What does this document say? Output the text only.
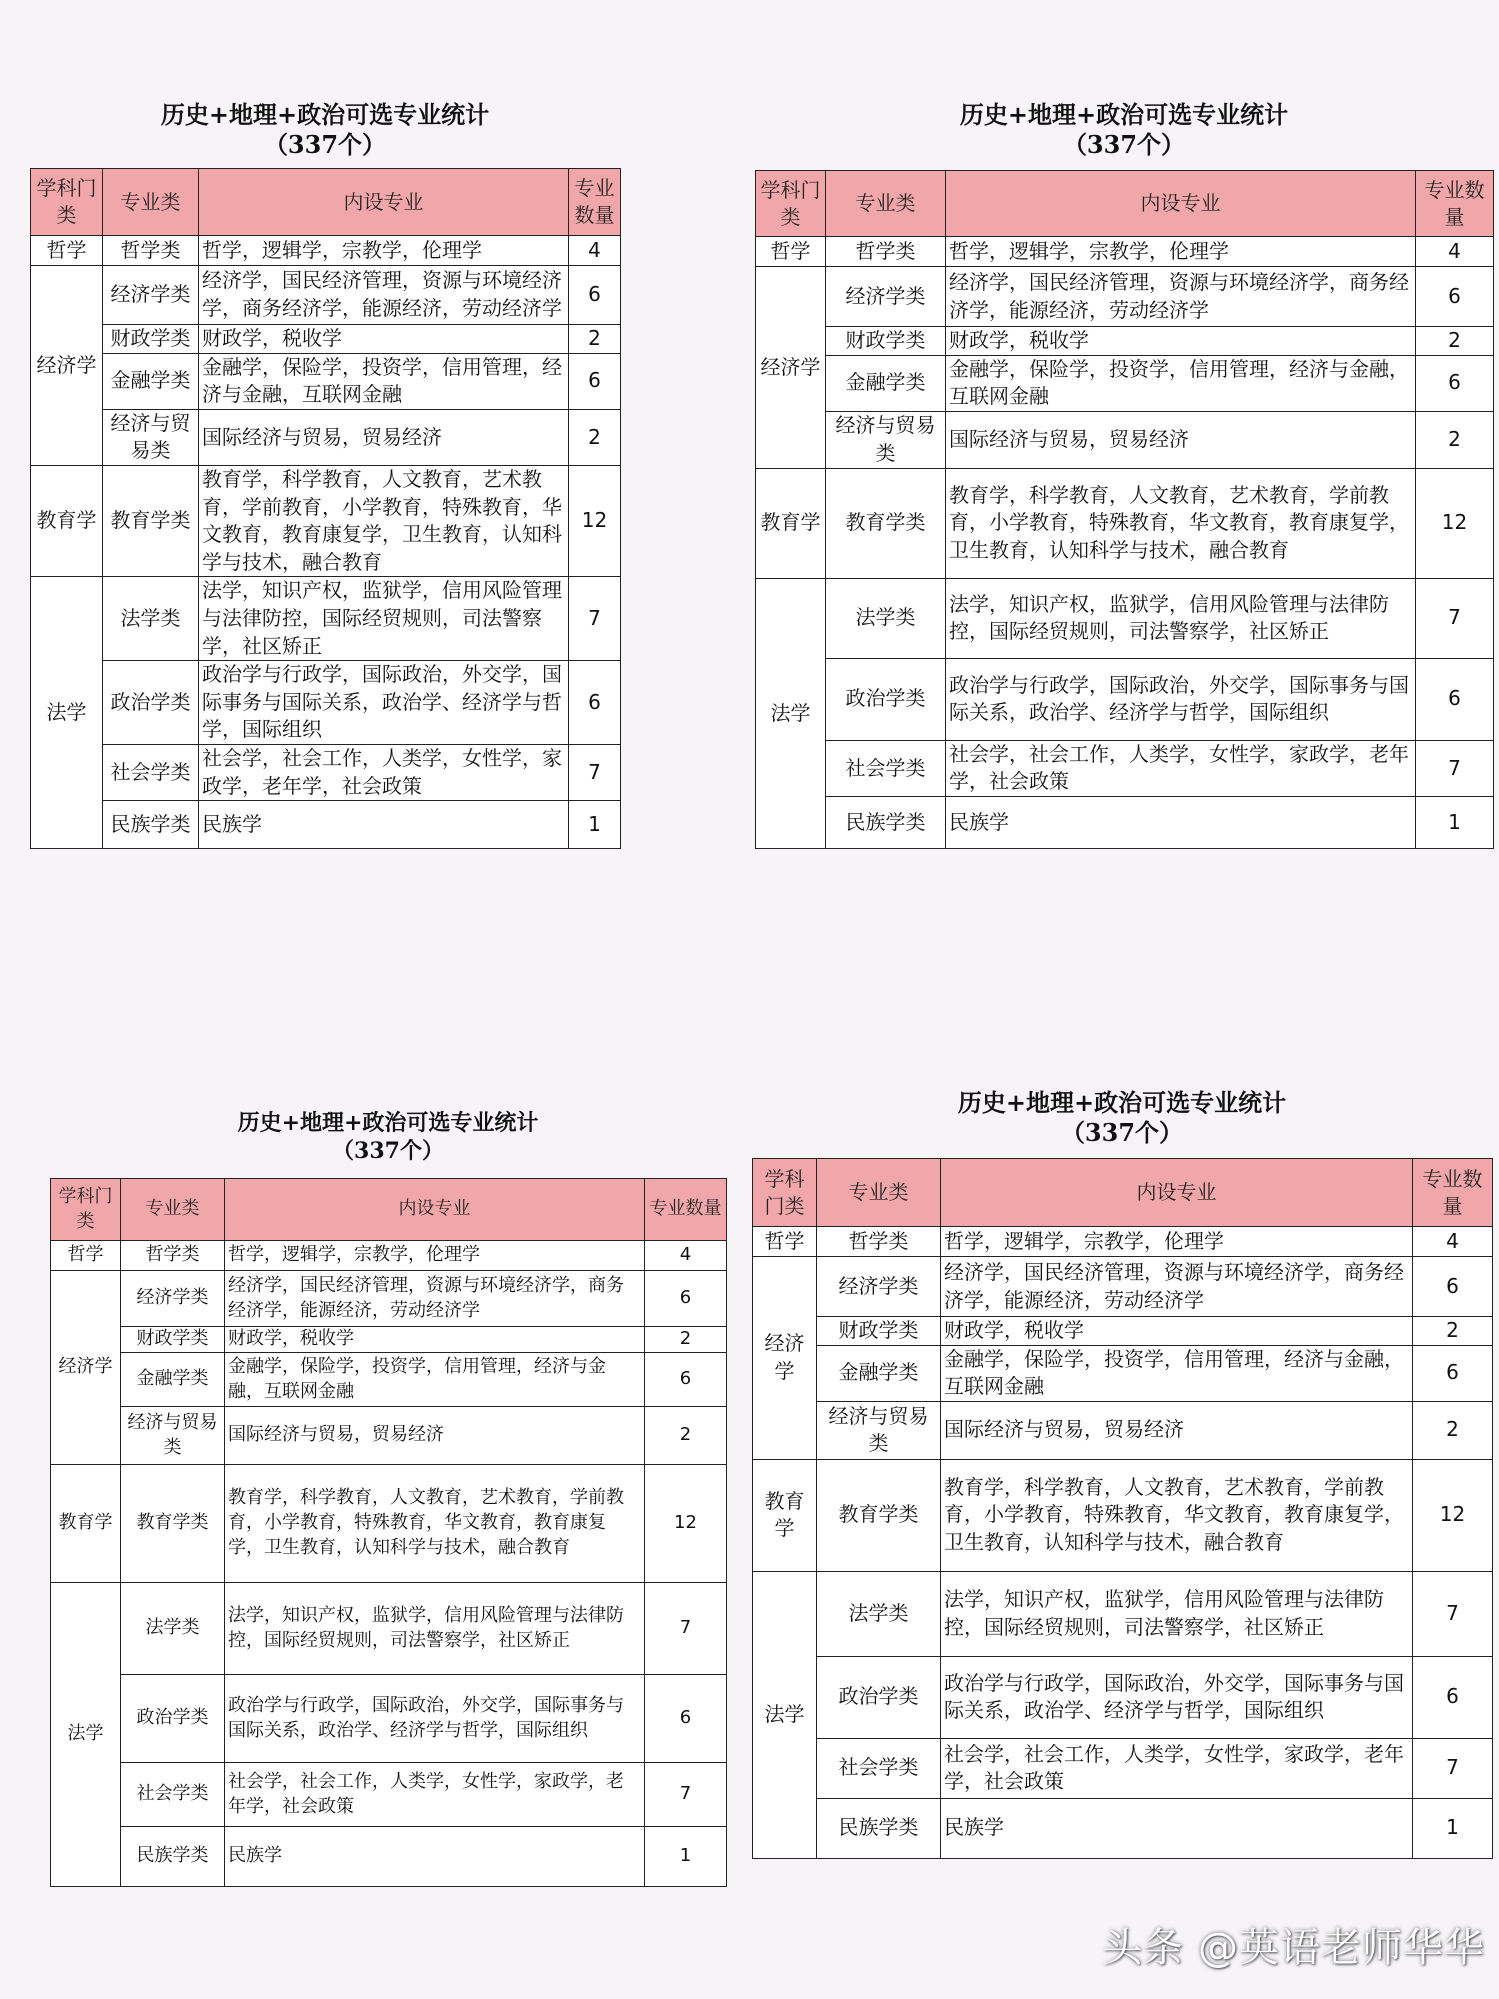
历史+地理+政治可选专业统计
（337个）
学科门类	专业类	内设专业	专业数量
哲学	哲学类	哲学，逻辑学，宗教学，伦理学	4
经济学	经济学类	经济学，国民经济管理，资源与环境经济学，商务经济学，能源经济，劳动经济学	6
	财政学类	财政学，税收学	2
	金融学类	金融学，保险学，投资学，信用管理，经济与金融，互联网金融	6
	经济与贸易类	国际经济与贸易，贸易经济	2
教育学	教育学类	教育学，科学教育，人文教育，艺术教育，学前教育，小学教育，特殊教育，华文教育，教育康复学，卫生教育，认知科学与技术，融合教育	12
法学	法学类	法学，知识产权，监狱学，信用风险管理与法律防控，国际经贸规则，司法警察学，社区矫正	7
	政治学类	政治学与行政学，国际政治，外交学，国际事务与国际关系，政治学、经济学与哲学，国际组织	6
	社会学类	社会学，社会工作，人类学，女性学，家政学，老年学，社会政策	7
	民族学类	民族学	1
历史+地理+政治可选专业统计
（337个）
学科门类	专业类	内设专业	专业数量
哲学	哲学类	哲学，逻辑学，宗教学，伦理学	4
经济学	经济学类	经济学，国民经济管理，资源与环境经济学，商务经济学，能源经济，劳动经济学	6
	财政学类	财政学，税收学	2
	金融学类	金融学，保险学，投资学，信用管理，经济与金融，互联网金融	6
	经济与贸易类	国际经济与贸易，贸易经济	2
教育学	教育学类	教育学，科学教育，人文教育，艺术教育，学前教育，小学教育，特殊教育，华文教育，教育康复学，卫生教育，认知科学与技术，融合教育	12
法学	法学类	法学，知识产权，监狱学，信用风险管理与法律防控，国际经贸规则，司法警察学，社区矫正	7
	政治学类	政治学与行政学，国际政治，外交学，国际事务与国际关系，政治学、经济学与哲学，国际组织	6
	社会学类	社会学，社会工作，人类学，女性学，家政学，老年学，社会政策	7
	民族学类	民族学	1
历史+地理+政治可选专业统计
（337个）
学科门类	专业类	内设专业	专业数量
哲学	哲学类	哲学，逻辑学，宗教学，伦理学	4
经济学	经济学类	经济学，国民经济管理，资源与环境经济学，商务经济学，能源经济，劳动经济学	6
	财政学类	财政学，税收学	2
	金融学类	金融学，保险学，投资学，信用管理，经济与金融，互联网金融	6
	经济与贸易类	国际经济与贸易，贸易经济	2
教育学	教育学类	教育学，科学教育，人文教育，艺术教育，学前教育，小学教育，特殊教育，华文教育，教育康复学，卫生教育，认知科学与技术，融合教育	12
法学	法学类	法学，知识产权，监狱学，信用风险管理与法律防控，国际经贸规则，司法警察学，社区矫正	7
	政治学类	政治学与行政学，国际政治，外交学，国际事务与国际关系，政治学、经济学与哲学，国际组织	6
	社会学类	社会学，社会工作，人类学，女性学，家政学，老年学，社会政策	7
	民族学类	民族学	1
历史+地理+政治可选专业统计
（337个）
学科门类	专业类	内设专业	专业数量
哲学	哲学类	哲学，逻辑学，宗教学，伦理学	4
经济学	经济学类	经济学，国民经济管理，资源与环境经济学，商务经济学，能源经济，劳动经济学	6
	财政学类	财政学，税收学	2
	金融学类	金融学，保险学，投资学，信用管理，经济与金融，互联网金融	6
	经济与贸易类	国际经济与贸易，贸易经济	2
教育学	教育学类	教育学，科学教育，人文教育，艺术教育，学前教育，小学教育，特殊教育，华文教育，教育康复学，卫生教育，认知科学与技术，融合教育	12
法学	法学类	法学，知识产权，监狱学，信用风险管理与法律防控，国际经贸规则，司法警察学，社区矫正	7
	政治学类	政治学与行政学，国际政治，外交学，国际事务与国际关系，政治学、经济学与哲学，国际组织	6
	社会学类	社会学，社会工作，人类学，女性学，家政学，老年学，社会政策	7
	民族学类	民族学	1
头条 @英语老师华华
